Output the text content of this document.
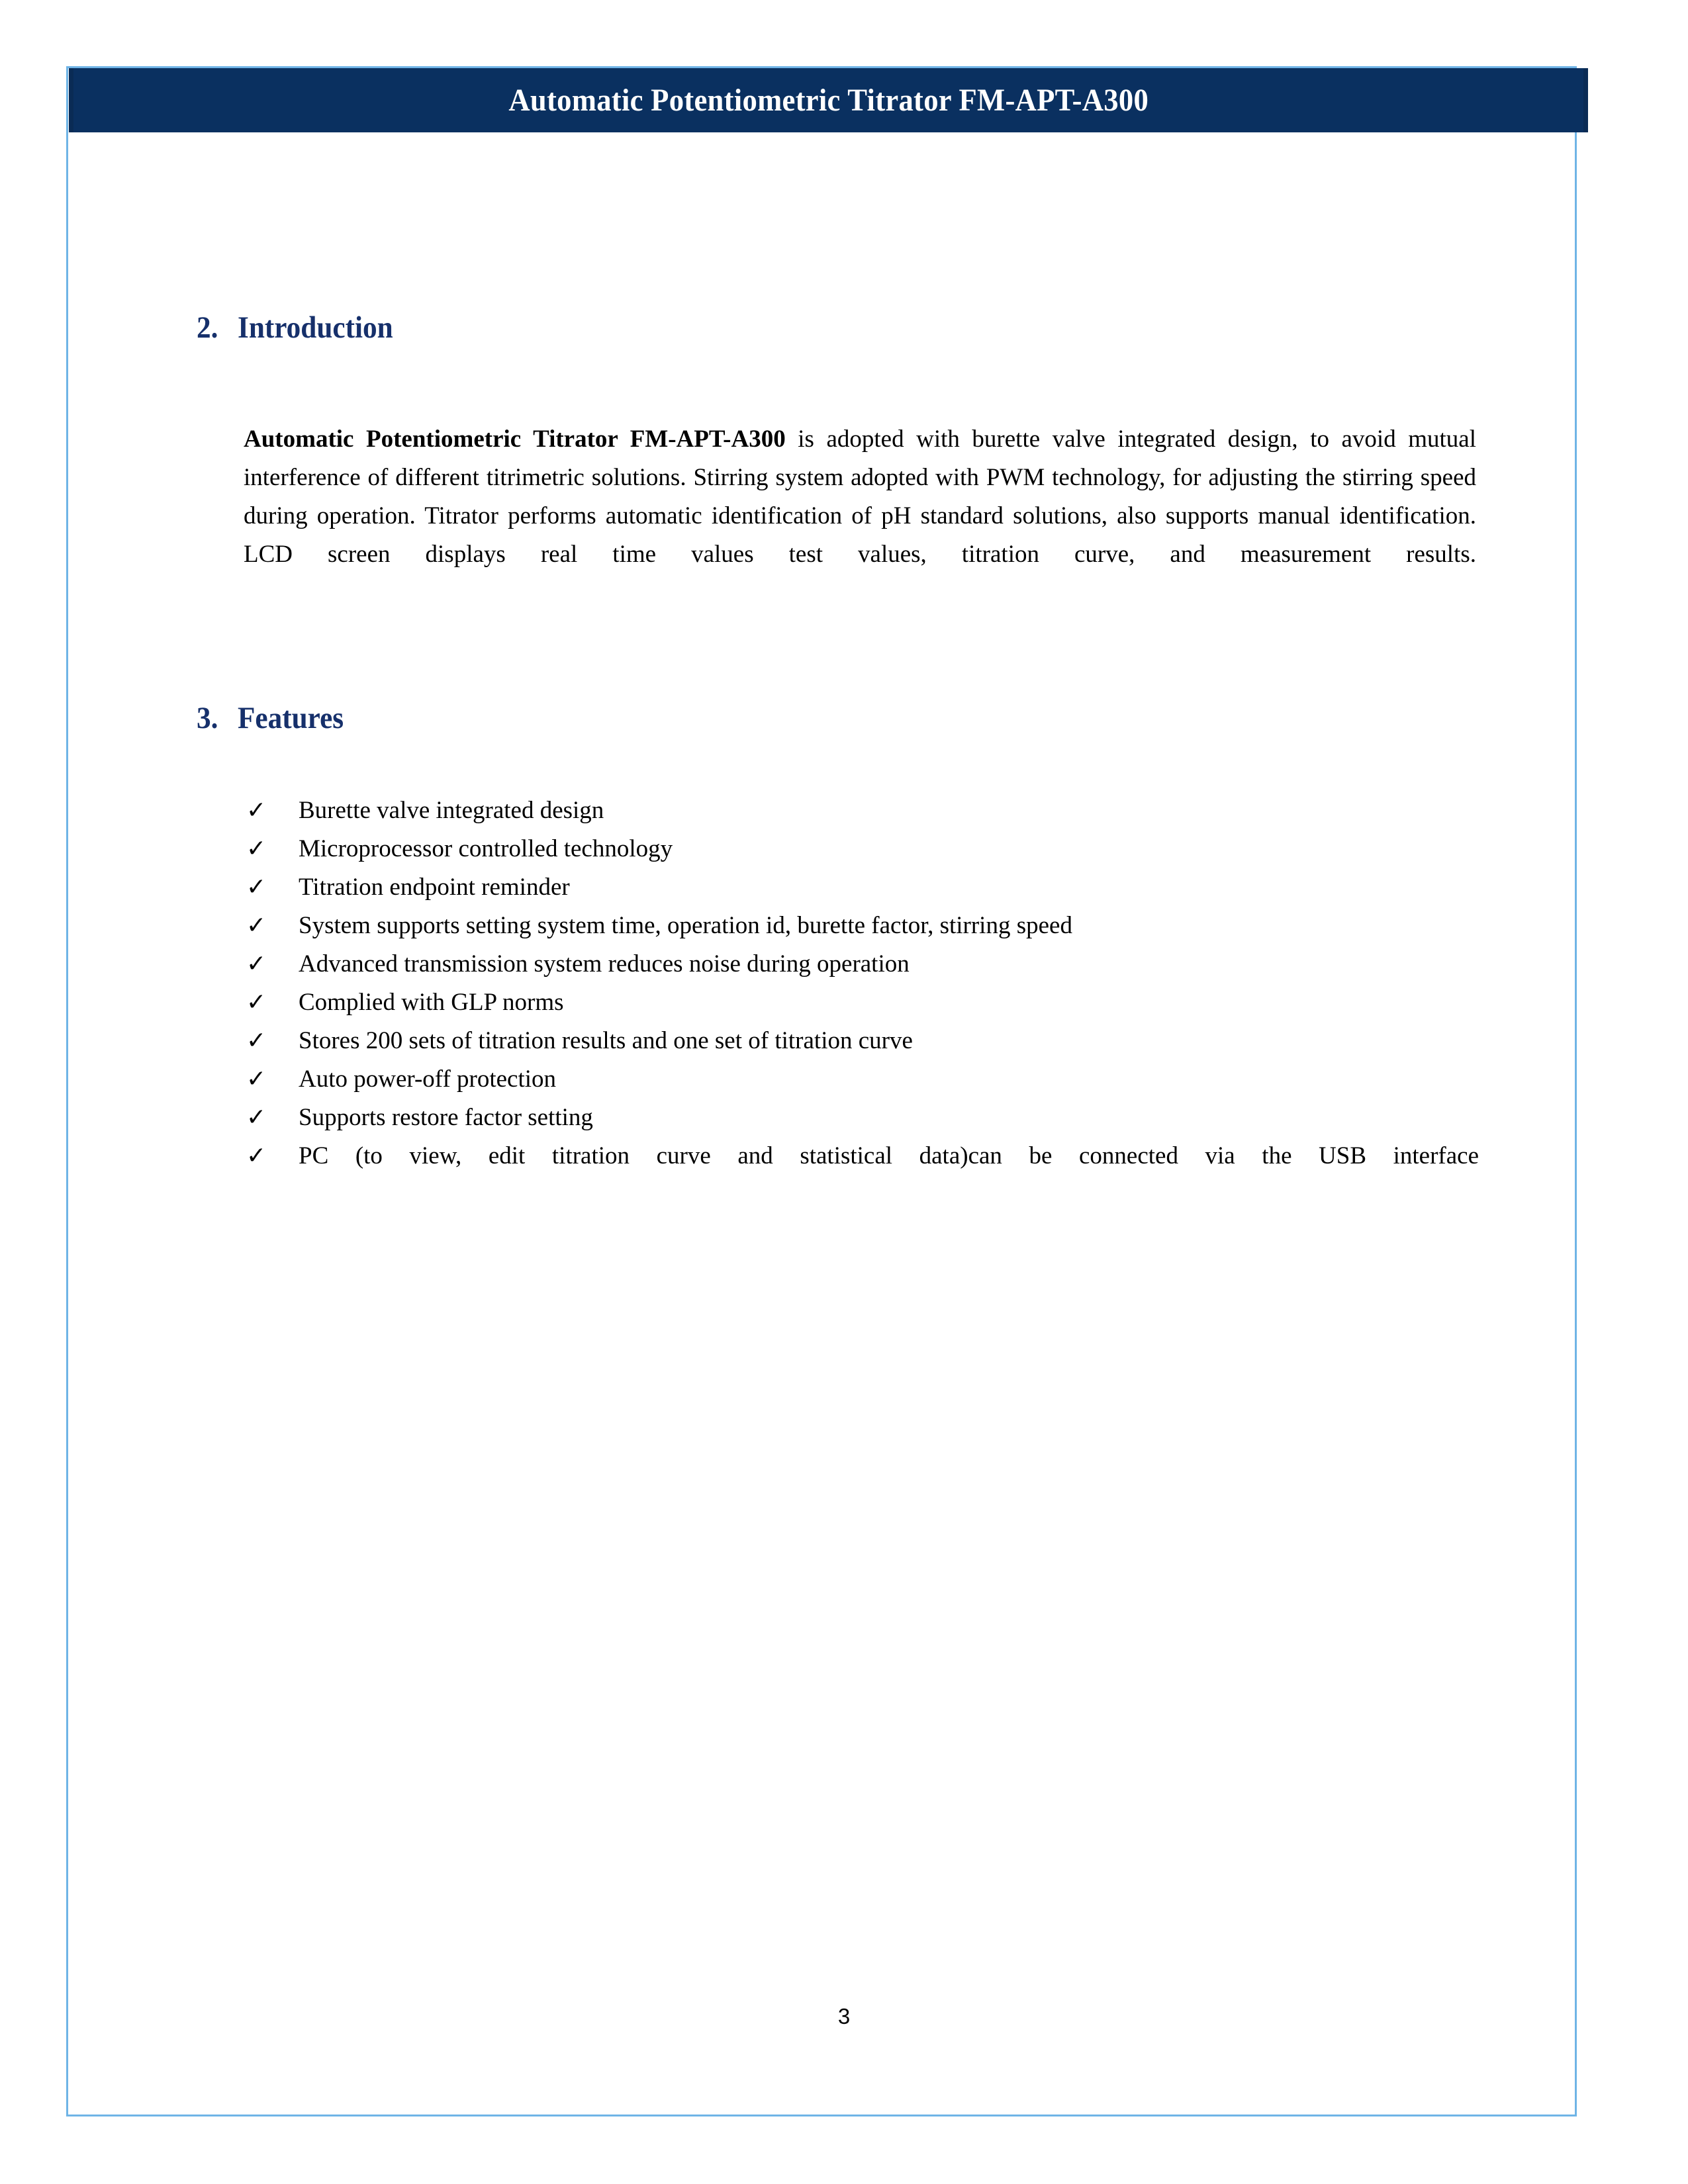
Automatic Potentiometric Titrator FM-APT-A300
2. Introduction

Automatic Potentiometric Titrator FM-APT-A300 is adopted with burette valve integrated design, to avoid mutual interference of different titrimetric solutions. Stirring system adopted with PWM technology, for adjusting the stirring speed during operation. Titrator performs automatic identification of pH standard solutions, also supports manual identification. LCD screen displays real time values test values, titration curve, and measurement results.

3. Features
✓ Burette valve integrated design
✓ Microprocessor controlled technology
✓ Titration endpoint reminder
✓ System supports setting system time, operation id, burette factor, stirring speed
✓ Advanced transmission system reduces noise during operation
✓ Complied with GLP norms
✓ Stores 200 sets of titration results and one set of titration curve
✓ Auto power-off protection
✓ Supports restore factor setting
✓ PC (to view, edit titration curve and statistical data)can be connected via the USB interface
3
